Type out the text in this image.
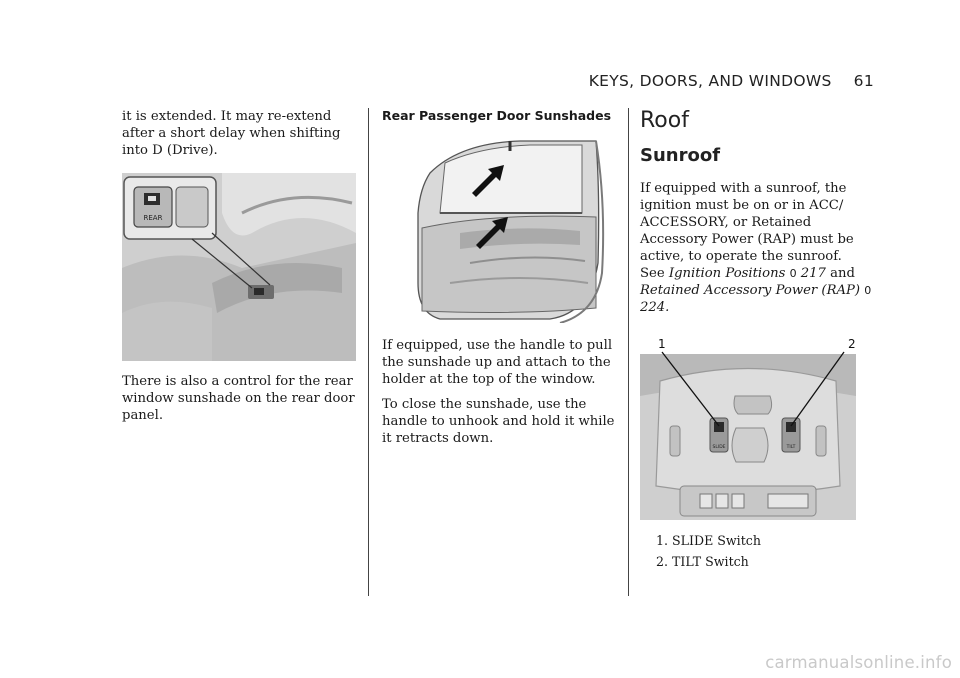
KEYS, DOORS, AND WINDOWS 61

it is extended. It may re-extend after a short delay when shifting into D (Drive).

REAR

There is also a control for the rear window sunshade on the rear door panel.

Rear Passenger Door Sunshades

If equipped, use the handle to pull the sunshade up and attach to the holder at the top of the window.

To close the sunshade, use the handle to unhook and hold it while it retracts down.

Roof
Sunroof

If equipped with a sunroof, the ignition must be on or in ACC/ ACCESSORY, or Retained Accessory Power (RAP) must be active, to operate the sunroof.

See Ignition Positions 0 217 and Retained Accessory Power (RAP) 0 224.

1	2
SLIDE	TILT
1. SLIDE Switch
2. TILT Switch
carmanualsonline.info
